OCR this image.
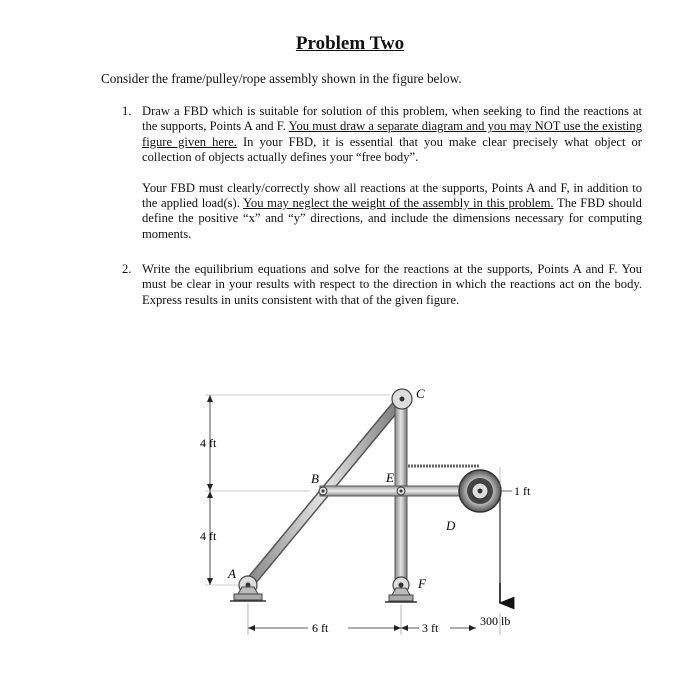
Problem Two
Consider the frame/pulley/rope assembly shown in the figure below.
1. Draw a FBD which is suitable for solution of this problem, when seeking to find the reactions at the supports, Points A and F. You must draw a separate diagram and you may NOT use the existing figure given here. In your FBD, it is essential that you make clear precisely what object or collection of objects actually defines your “free body”.

Your FBD must clearly/correctly show all reactions at the supports, Points A and F, in addition to the applied load(s). You may neglect the weight of the assembly in this problem. The FBD should define the positive “x” and “y” directions, and include the dimensions necessary for computing moments.

2. Write the equilibrium equations and solve for the reactions at the supports, Points A and F. You must be clear in your results with respect to the direction in which the reactions act on the body. Express results in units consistent with that of the given figure.

4 ft
4 ft
C
B	E
D
A
F
1 ft
300 lb
6 ft	3 ft
